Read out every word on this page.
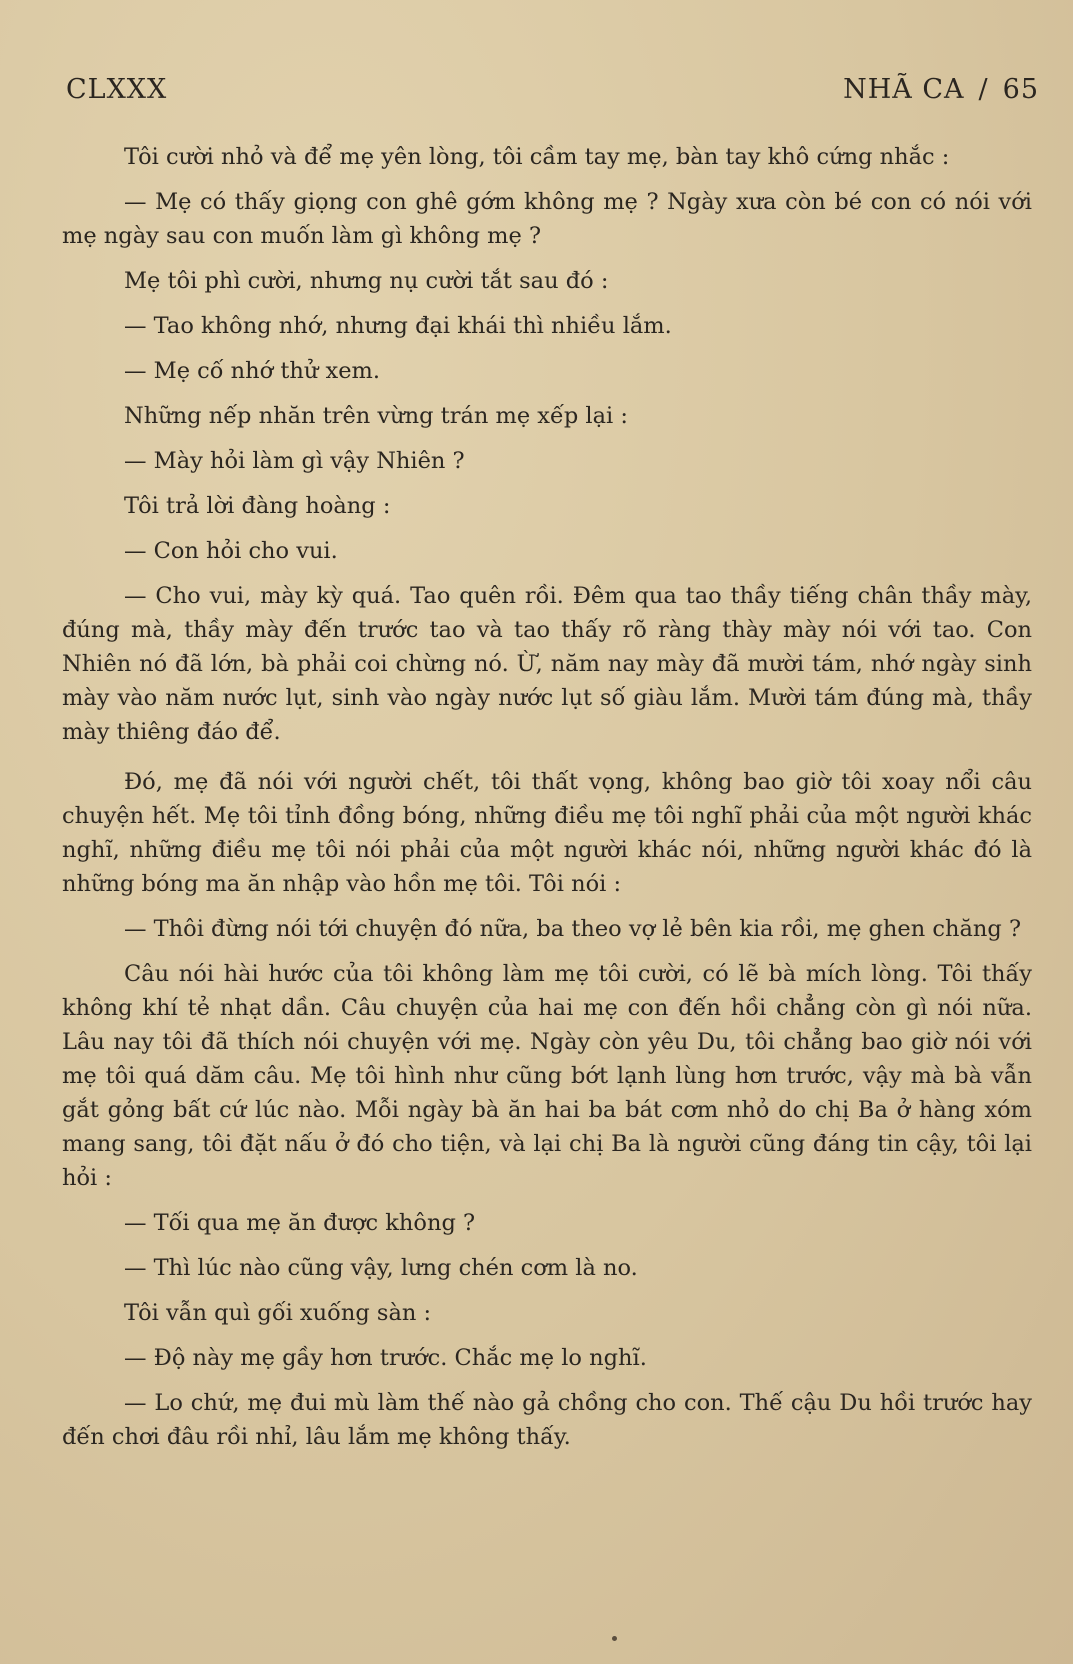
CLXXX	NHÃ CA / 65

Tôi cười nhỏ và để mẹ yên lòng, tôi cầm tay mẹ, bàn tay khô cứng nhắc :

— Mẹ có thấy giọng con ghê gớm không mẹ ? Ngày xưa còn bé con có nói với mẹ ngày sau con muốn làm gì không mẹ ?

Mẹ tôi phì cười, nhưng nụ cười tắt sau đó :

— Tao không nhớ, nhưng đại khái thì nhiều lắm.

— Mẹ cố nhớ thử xem.

Những nếp nhăn trên vừng trán mẹ xếp lại :

— Mày hỏi làm gì vậy Nhiên ?

Tôi trả lời đàng hoàng :

— Con hỏi cho vui.

— Cho vui, mày kỳ quá. Tao quên rồi. Đêm qua tao thầy tiếng chân thầy mày, đúng mà, thầy mày đến trước tao và tao thấy rõ ràng thày mày nói với tao. Con Nhiên nó đã lớn, bà phải coi chừng nó. Ừ, năm nay mày đã mười tám, nhớ ngày sinh mày vào năm nước lụt, sinh vào ngày nước lụt số giàu lắm. Mười tám đúng mà, thầy mày thiêng đáo để.

Đó, mẹ đã nói với người chết, tôi thất vọng, không bao giờ tôi xoay nổi câu chuyện hết. Mẹ tôi tỉnh đồng bóng, những điều mẹ tôi nghĩ phải của một người khác nghĩ, những điều mẹ tôi nói phải của một người khác nói, những người khác đó là những bóng ma ăn nhập vào hồn mẹ tôi. Tôi nói :

— Thôi đừng nói tới chuyện đó nữa, ba theo vợ lẻ bên kia rồi, mẹ ghen chăng ?

Câu nói hài hước của tôi không làm mẹ tôi cười, có lẽ bà mích lòng. Tôi thấy không khí tẻ nhạt dần. Câu chuyện của hai mẹ con đến hồi chẳng còn gì nói nữa. Lâu nay tôi đã thích nói chuyện với mẹ. Ngày còn yêu Du, tôi chẳng bao giờ nói với mẹ tôi quá dăm câu. Mẹ tôi hình như cũng bớt lạnh lùng hơn trước, vậy mà bà vẫn gắt gỏng bất cứ lúc nào. Mỗi ngày bà ăn hai ba bát cơm nhỏ do chị Ba ở hàng xóm mang sang, tôi đặt nấu ở đó cho tiện, và lại chị Ba là người cũng đáng tin cậy, tôi lại hỏi :

— Tối qua mẹ ăn được không ?

— Thì lúc nào cũng vậy, lưng chén cơm là no.

Tôi vẫn quì gối xuống sàn :

— Độ này mẹ gầy hơn trước. Chắc mẹ lo nghĩ.

— Lo chứ, mẹ đui mù làm thế nào gả chồng cho con. Thế cậu Du hồi trước hay đến chơi đâu rồi nhỉ, lâu lắm mẹ không thấy.
